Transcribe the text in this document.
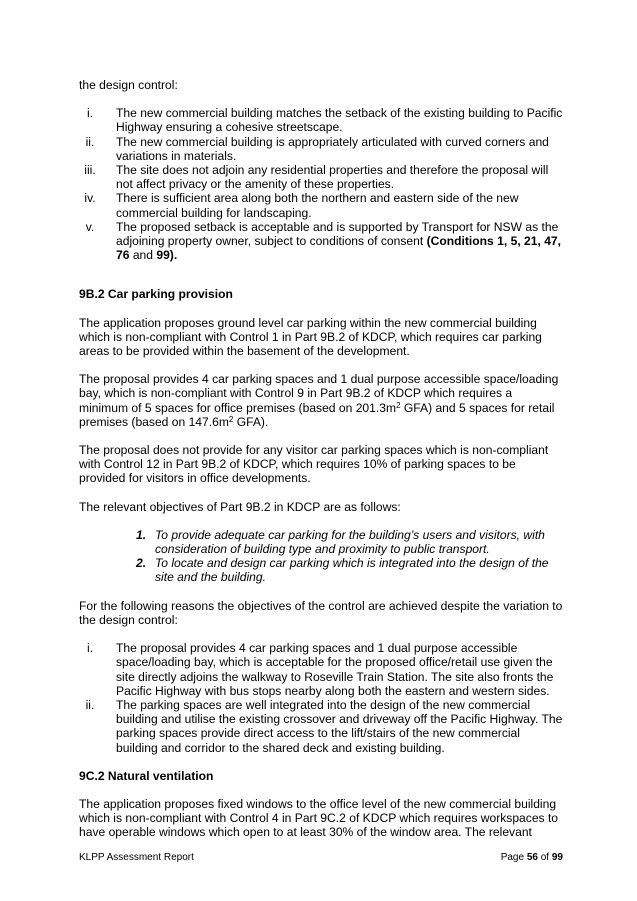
the design control:

i.	The new commercial building matches the setback of the existing building to Pacific Highway ensuring a cohesive streetscape.
ii.	The new commercial building is appropriately articulated with curved corners and variations in materials.
iii.	The site does not adjoin any residential properties and therefore the proposal will not affect privacy or the amenity of these properties.
iv.	There is sufficient area along both the northern and eastern side of the new commercial building for landscaping.
v.	The proposed setback is acceptable and is supported by Transport for NSW as the adjoining property owner, subject to conditions of consent (Conditions 1, 5, 21, 47, 76 and 99).

9B.2 Car parking provision

The application proposes ground level car parking within the new commercial building which is non-compliant with Control 1 in Part 9B.2 of KDCP, which requires car parking areas to be provided within the basement of the development.

The proposal provides 4 car parking spaces and 1 dual purpose accessible space/loading bay, which is non-compliant with Control 9 in Part 9B.2 of KDCP which requires a minimum of 5 spaces for office premises (based on $201.3m^2$ GFA) and 5 spaces for retail premises (based on $147.6m^2$ GFA).

The proposal does not provide for any visitor car parking spaces which is non-compliant with Control 12 in Part 9B.2 of KDCP, which requires 10% of parking spaces to be provided for visitors in office developments.

The relevant objectives of Part 9B.2 in KDCP are as follows:

1. To provide adequate car parking for the building’s users and visitors, with consideration of building type and proximity to public transport.
2. To locate and design car parking which is integrated into the design of the site and the building.

For the following reasons the objectives of the control are achieved despite the variation to the design control:

i.	The proposal provides 4 car parking spaces and 1 dual purpose accessible space/loading bay, which is acceptable for the proposed office/retail use given the site directly adjoins the walkway to Roseville Train Station. The site also fronts the Pacific Highway with bus stops nearby along both the eastern and western sides.
ii.	The parking spaces are well integrated into the design of the new commercial building and utilise the existing crossover and driveway off the Pacific Highway. The parking spaces provide direct access to the lift/stairs of the new commercial building and corridor to the shared deck and existing building.

9C.2 Natural ventilation

The application proposes fixed windows to the office level of the new commercial building which is non-compliant with Control 4 in Part 9C.2 of KDCP which requires workspaces to have operable windows which open to at least 30% of the window area. The relevant

KLPP Assessment Report	Page 56 of 99
